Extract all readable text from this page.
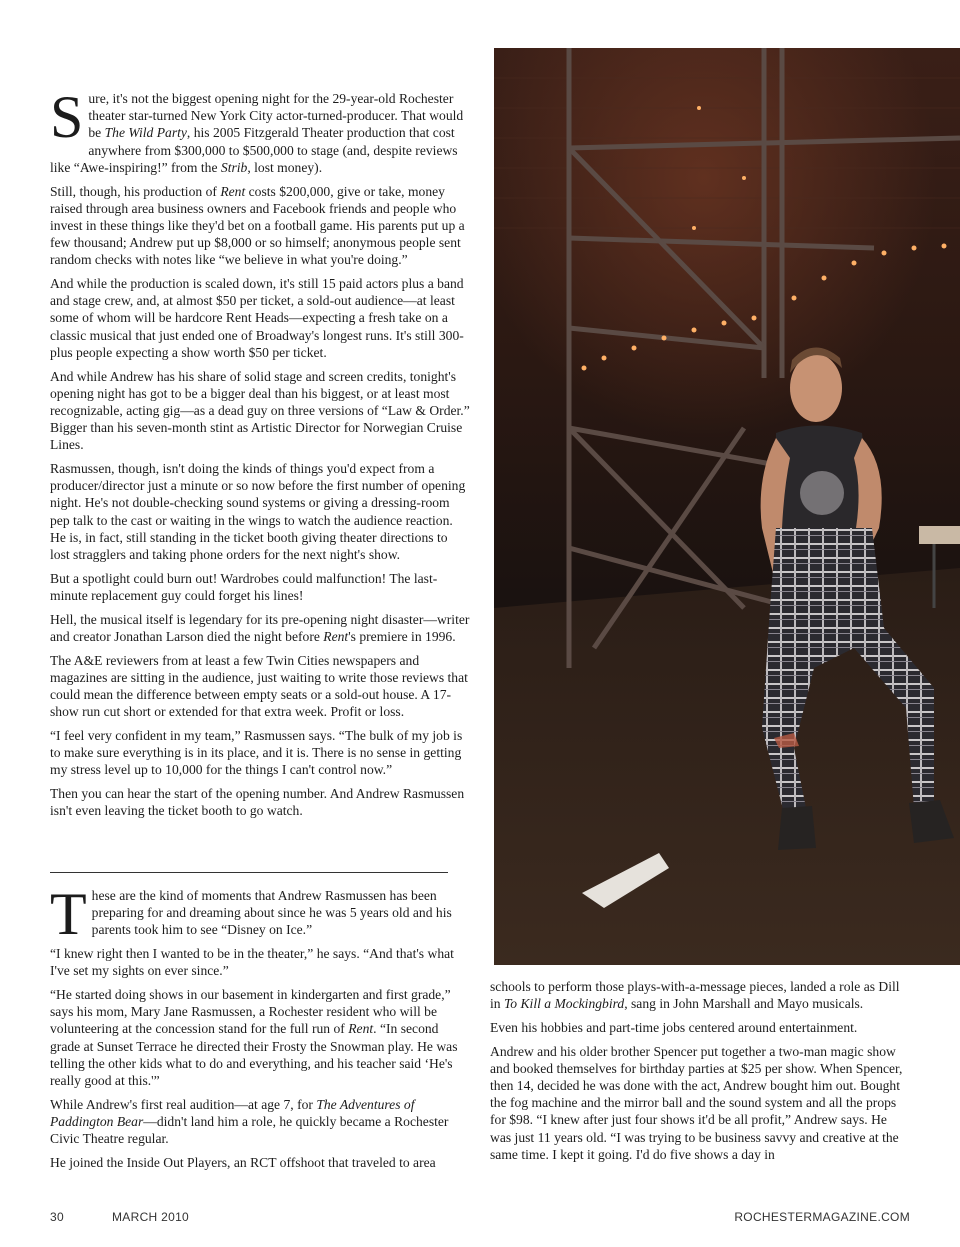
Sure, it's not the biggest opening night for the 29-year-old Rochester theater star-turned New York City actor-turned-producer. That would be The Wild Party, his 2005 Fitzgerald Theater production that cost anywhere from $300,000 to $500,000 to stage (and, despite reviews like “Awe-inspiring!” from the Strib, lost money).

Still, though, his production of Rent costs $200,000, give or take, money raised through area business owners and Facebook friends and people who invest in these things like they'd bet on a football game. His parents put up a few thousand; Andrew put up $8,000 or so himself; anonymous people sent random checks with notes like “we believe in what you're doing.”

And while the production is scaled down, it's still 15 paid actors plus a band and stage crew, and, at almost $50 per ticket, a sold-out audience—at least some of whom will be hardcore Rent Heads—expecting a fresh take on a classic musical that just ended one of Broadway's longest runs. It's still 300-plus people expecting a show worth $50 per ticket.

And while Andrew has his share of solid stage and screen credits, tonight's opening night has got to be a bigger deal than his biggest, or at least most recognizable, acting gig—as a dead guy on three versions of “Law & Order.” Bigger than his seven-month stint as Artistic Director for Norwegian Cruise Lines.

Rasmussen, though, isn't doing the kinds of things you'd expect from a producer/director just a minute or so now before the first number of opening night. He's not double-checking sound systems or giving a dressing-room pep talk to the cast or waiting in the wings to watch the audience reaction. He is, in fact, still standing in the ticket booth giving theater directions to lost stragglers and taking phone orders for the next night's show.

But a spotlight could burn out! Wardrobes could malfunction! The last-minute replacement guy could forget his lines!

Hell, the musical itself is legendary for its pre-opening night disaster—writer and creator Jonathan Larson died the night before Rent's premiere in 1996.

The A&E reviewers from at least a few Twin Cities newspapers and magazines are sitting in the audience, just waiting to write those reviews that could mean the difference between empty seats or a sold-out house. A 17-show run cut short or extended for that extra week. Profit or loss.

“I feel very confident in my team,” Rasmussen says. “The bulk of my job is to make sure everything is in its place, and it is. There is no sense in getting my stress level up to 10,000 for the things I can't control now.”

Then you can hear the start of the opening number. And Andrew Rasmussen isn't even leaving the ticket booth to go watch.

These are the kind of moments that Andrew Rasmussen has been preparing for and dreaming about since he was 5 years old and his parents took him to see “Disney on Ice.”

“I knew right then I wanted to be in the theater,” he says. “And that's what I've set my sights on ever since.”

“He started doing shows in our basement in kindergarten and first grade,” says his mom, Mary Jane Rasmussen, a Rochester resident who will be volunteering at the concession stand for the full run of Rent. “In second grade at Sunset Terrace he directed their Frosty the Snowman play. He was telling the other kids what to do and everything, and his teacher said ‘He's really good at this.'”

While Andrew's first real audition—at age 7, for The Adventures of Paddington Bear—didn't land him a role, he quickly became a Rochester Civic Theatre regular.

He joined the Inside Out Players, an RCT offshoot that traveled to area

schools to perform those plays-with-a-message pieces, landed a role as Dill in To Kill a Mockingbird, sang in John Marshall and Mayo musicals.

Even his hobbies and part-time jobs centered around entertainment.

Andrew and his older brother Spencer put together a two-man magic show and booked themselves for birthday parties at $25 per show. When Spencer, then 14, decided he was done with the act, Andrew bought him out. Bought the fog machine and the mirror ball and the sound system and all the props for $98. “I knew after just four shows it'd be all profit,” Andrew says. He was just 11 years old. “I was trying to be business savvy and creative at the same time. I kept it going. I'd do five shows a day in

30	MARCH 2010	ROCHESTERMAGAZINE.COM
